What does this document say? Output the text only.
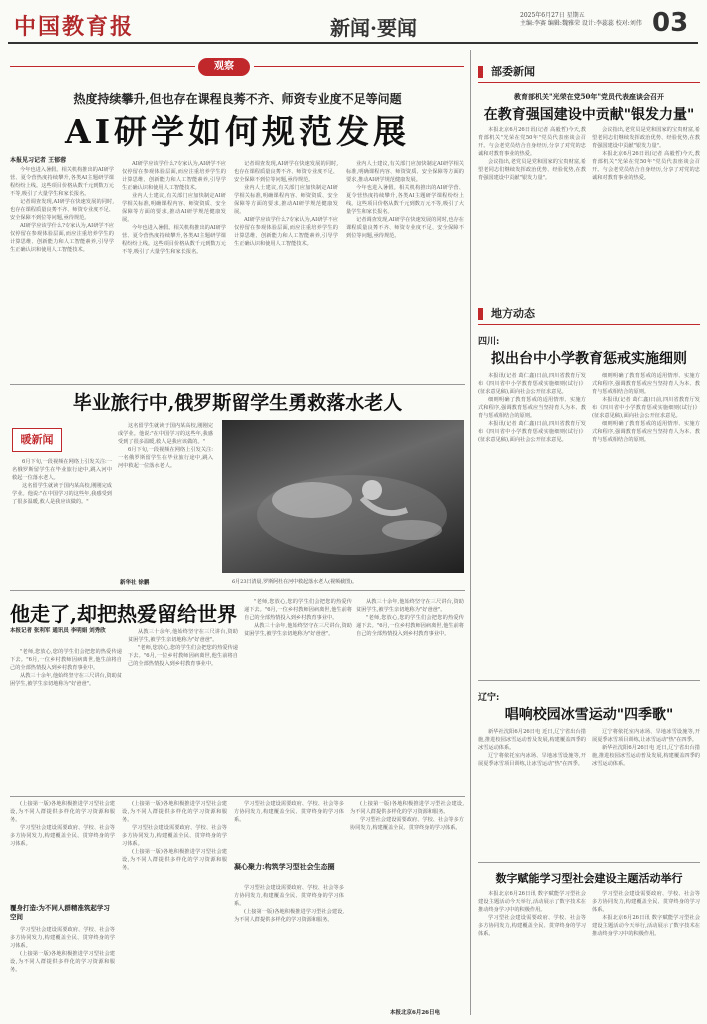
中国教育报	新闻·要闻
2025年6月27日 星期五
主编:李赛 编辑:魏雅荣 设计:李蕊蕊 校对:刘伟 03
观察
热度持续攀升,但也存在课程良莠不齐、师资专业度不足等问题
AI研学如何规范发展
本报见习记者 王郁蓉

今年也进入暑假。相关机构推出的AI研学营、夏令营热度持续攀升,各类AI主题研学课程纷纷上线。这些项目价格从数千元到数万元不等,吸引了大量学生和家长报名。

记者调查发现,AI研学在快速发展的同时,也存在课程质量良莠不齐、师资专业度不足、安全保障不到位等问题,亟待规范。

AI研学应该学什么?专家认为,AI研学不应仅停留在参观体验层面,而应注重培养学生的计算思维、创新能力和人工智能素养,引导学生正确认识和使用人工智能技术。

AI研学应该学什么?专家认为,AI研学不应仅停留在参观体验层面,而应注重培养学生的计算思维、创新能力和人工智能素养,引导学生正确认识和使用人工智能技术。

业内人士建议,有关部门应加快制定AI研学相关标准,明确课程内容、师资资质、安全保障等方面的要求,推动AI研学规范健康发展。

今年也进入暑假。相关机构推出的AI研学营、夏令营热度持续攀升,各类AI主题研学课程纷纷上线。这些项目价格从数千元到数万元不等,吸引了大量学生和家长报名。

记者调查发现,AI研学在快速发展的同时,也存在课程质量良莠不齐、师资专业度不足、安全保障不到位等问题,亟待规范。

业内人士建议,有关部门应加快制定AI研学相关标准,明确课程内容、师资资质、安全保障等方面的要求,推动AI研学规范健康发展。

AI研学应该学什么?专家认为,AI研学不应仅停留在参观体验层面,而应注重培养学生的计算思维、创新能力和人工智能素养,引导学生正确认识和使用人工智能技术。

业内人士建议,有关部门应加快制定AI研学相关标准,明确课程内容、师资资质、安全保障等方面的要求,推动AI研学规范健康发展。

今年也进入暑假。相关机构推出的AI研学营、夏令营热度持续攀升,各类AI主题研学课程纷纷上线。这些项目价格从数千元到数万元不等,吸引了大量学生和家长报名。

记者调查发现,AI研学在快速发展的同时,也存在课程质量良莠不齐、师资专业度不足、安全保障不到位等问题,亟待规范。

部委新闻
教育部机关"光荣在党50年"党员代表座谈会召开
在教育强国建设中贡献"银发力量"

本报北京6月26日讯(记者 高毅哲)今天,教育部机关"光荣在党50年"党员代表座谈会召开。与会老党员结合自身经历,分享了对党的忠诚和对教育事业的热爱。

会议指出,老党员是党和国家的宝贵财富,希望老同志们继续发挥政治优势、经验优势,在教育强国建设中贡献"银发力量"。

会议指出,老党员是党和国家的宝贵财富,希望老同志们继续发挥政治优势、经验优势,在教育强国建设中贡献"银发力量"。

本报北京6月26日讯(记者 高毅哲)今天,教育部机关"光荣在党50年"党员代表座谈会召开。与会老党员结合自身经历,分享了对党的忠诚和对教育事业的热爱。

地方动态
四川:
拟出台中小学教育惩戒实施细则

本报讯(记者 葛仁鑫)日前,四川省教育厅发布《四川省中小学教育惩戒实施细则(试行)》(征求意见稿),面向社会公开征求意见。

细则明确了教育惩戒的适用情形、实施方式和程序,强调教育惩戒应当坚持育人为本、教育与惩戒相结合的原则。

本报讯(记者 葛仁鑫)日前,四川省教育厅发布《四川省中小学教育惩戒实施细则(试行)》(征求意见稿),面向社会公开征求意见。

细则明确了教育惩戒的适用情形、实施方式和程序,强调教育惩戒应当坚持育人为本、教育与惩戒相结合的原则。

本报讯(记者 葛仁鑫)日前,四川省教育厅发布《四川省中小学教育惩戒实施细则(试行)》(征求意见稿),面向社会公开征求意见。

细则明确了教育惩戒的适用情形、实施方式和程序,强调教育惩戒应当坚持育人为本、教育与惩戒相结合的原则。

辽宁:
唱响校园冰雪运动"四季歌"

新华社沈阳6月26日电 近日,辽宁省出台措施,推进校园冰雪运动普及发展,构建覆盖四季的冰雪运动体系。

辽宁将依托室内冰场、旱地冰雪设施等,开展夏季冰雪项目训练,让冰雪运动"热"在四季。

辽宁将依托室内冰场、旱地冰雪设施等,开展夏季冰雪项目训练,让冰雪运动"热"在四季。

新华社沈阳6月26日电 近日,辽宁省出台措施,推进校园冰雪运动普及发展,构建覆盖四季的冰雪运动体系。

毕业旅行中,俄罗斯留学生勇救落水老人
暖新闻

6月下旬,一段视频在网络上引发关注:一名俄罗斯留学生在毕业旅行途中,跳入河中救起一位落水老人。

这名留学生就读于国内某高校,刚刚完成学业。他说:"在中国学习的这些年,我感受到了很多温暖,救人是我应该做的。"

这名留学生就读于国内某高校,刚刚完成学业。他说:"在中国学习的这些年,我感受到了很多温暖,救人是我应该做的。"

6月下旬,一段视频在网络上引发关注:一名俄罗斯留学生在毕业旅行途中,跳入河中救起一位落水老人。

新华社 徐鹏	6月23日清晨,罗斯阿杜在河中救起落水老人(视频截图)。
他走了,却把热爱留给世界
本报记者 张利军 通讯员 李明娟 刘秀欣

"老师,您放心,您的学生们会把您的热爱传递下去。"6月,一位乡村教师因病离世,他生前将自己的全部热情投入到乡村教育事业中。

从教三十余年,他始终坚守在三尺讲台,资助贫困学生,被学生亲切地称为"好爸爸"。

从教三十余年,他始终坚守在三尺讲台,资助贫困学生,被学生亲切地称为"好爸爸"。

"老师,您放心,您的学生们会把您的热爱传递下去。"6月,一位乡村教师因病离世,他生前将自己的全部热情投入到乡村教育事业中。

"老师,您放心,您的学生们会把您的热爱传递下去。"6月,一位乡村教师因病离世,他生前将自己的全部热情投入到乡村教育事业中。

从教三十余年,他始终坚守在三尺讲台,资助贫困学生,被学生亲切地称为"好爸爸"。

从教三十余年,他始终坚守在三尺讲台,资助贫困学生,被学生亲切地称为"好爸爸"。

"老师,您放心,您的学生们会把您的热爱传递下去。"6月,一位乡村教师因病离世,他生前将自己的全部热情投入到乡村教育事业中。

(上接第一版)各地积极推进学习型社会建设,为不同人群提供多样化的学习资源和服务。

学习型社会建设需要政府、学校、社会等多方协同发力,构建覆盖全民、贯穿终身的学习体系。

覆身打造:为不同人群精准筑起学习空间

学习型社会建设需要政府、学校、社会等多方协同发力,构建覆盖全民、贯穿终身的学习体系。

(上接第一版)各地积极推进学习型社会建设,为不同人群提供多样化的学习资源和服务。

(上接第一版)各地积极推进学习型社会建设,为不同人群提供多样化的学习资源和服务。

学习型社会建设需要政府、学校、社会等多方协同发力,构建覆盖全民、贯穿终身的学习体系。

(上接第一版)各地积极推进学习型社会建设,为不同人群提供多样化的学习资源和服务。

学习型社会建设需要政府、学校、社会等多方协同发力,构建覆盖全民、贯穿终身的学习体系。

凝心聚力:构筑学习型社会生态圈

学习型社会建设需要政府、学校、社会等多方协同发力,构建覆盖全民、贯穿终身的学习体系。

(上接第一版)各地积极推进学习型社会建设,为不同人群提供多样化的学习资源和服务。

(上接第一版)各地积极推进学习型社会建设,为不同人群提供多样化的学习资源和服务。

学习型社会建设需要政府、学校、社会等多方协同发力,构建覆盖全民、贯穿终身的学习体系。

本报北京6月26日电
数字赋能学习型社会建设主题活动举行

本报北京6月26日讯 数字赋能学习型社会建设主题活动今天举行,活动展示了数字技术在推动终身学习中的积极作用。

学习型社会建设需要政府、学校、社会等多方协同发力,构建覆盖全民、贯穿终身的学习体系。

学习型社会建设需要政府、学校、社会等多方协同发力,构建覆盖全民、贯穿终身的学习体系。

本报北京6月26日讯 数字赋能学习型社会建设主题活动今天举行,活动展示了数字技术在推动终身学习中的积极作用。
